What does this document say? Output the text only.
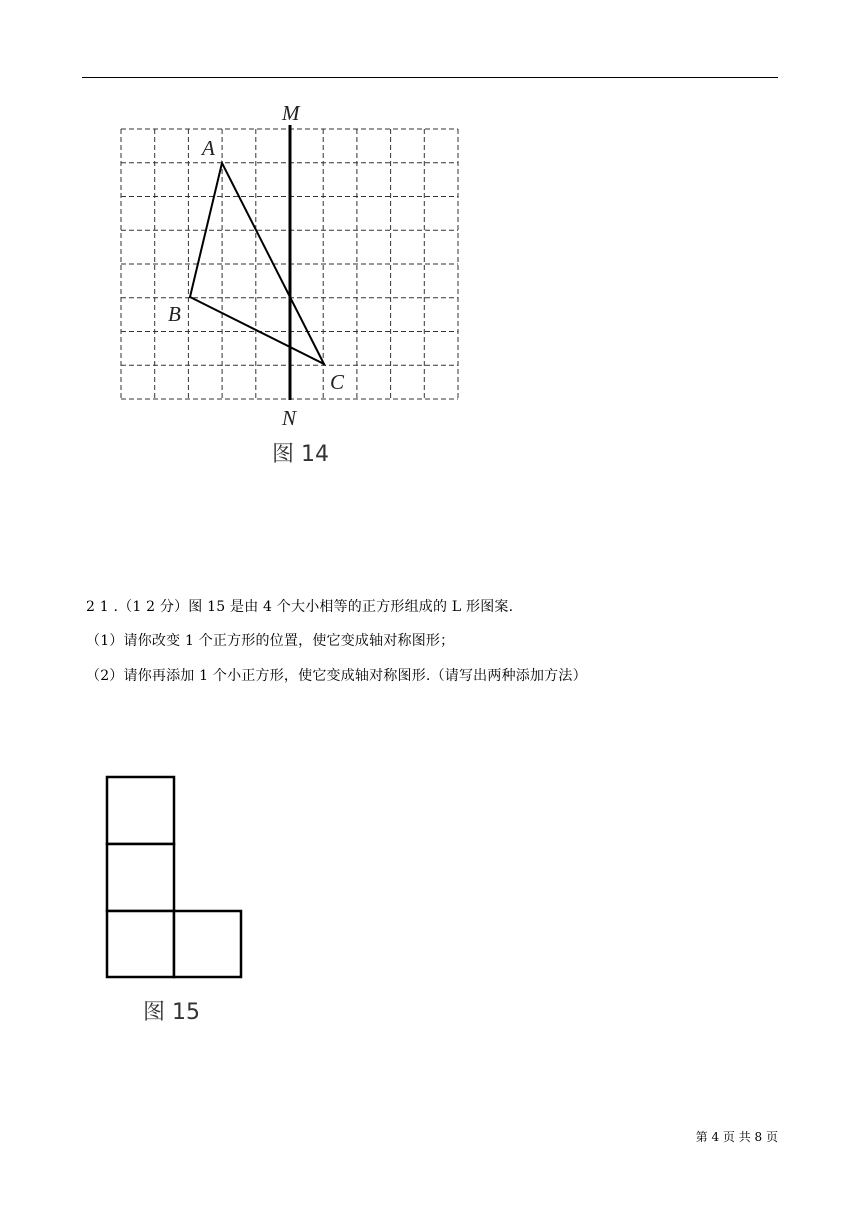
M
N
A
B
C
图 14
2 1 .（1 2 分）图 15 是由 4 个大小相等的正方形组成的 L 形图案.
（1）请你改变 1 个正方形的位置，使它变成轴对称图形；
（2）请你再添加 1 个小正方形，使它变成轴对称图形.（请写出两种添加方法）
图 15
第 4 页 共 8 页
